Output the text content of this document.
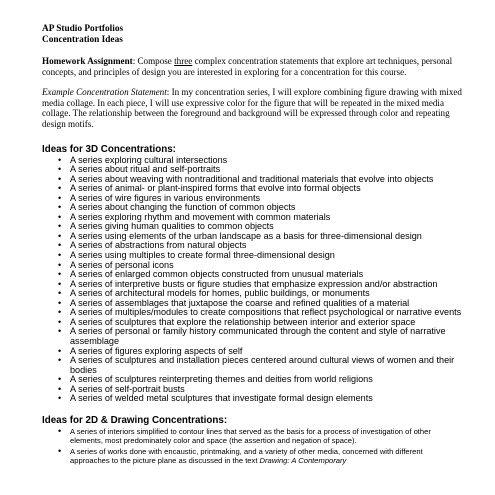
AP Studio Portfolios
Concentration Ideas
Homework Assignment: Compose three complex concentration statements that explore art techniques, personal concepts, and principles of design you are interested in exploring for a concentration for this course.
Example Concentration Statement: In my concentration series, I will explore combining figure drawing with mixed media collage. In each piece, I will use expressive color for the figure that will be repeated in the mixed media collage. The relationship between the foreground and background will be expressed through color and repeating design motifs.
Ideas for 3D Concentrations:
• A series exploring cultural intersections
• A series about ritual and self-portraits
• A series about weaving with nontraditional and traditional materials that evolve into objects
• A series of animal- or plant-inspired forms that evolve into formal objects
• A series of wire figures in various environments
• A series about changing the function of common objects
• A series exploring rhythm and movement with common materials
• A series giving human qualities to common objects
• A series using elements of the urban landscape as a basis for three-dimensional design
• A series of abstractions from natural objects
• A series using multiples to create formal three-dimensional design
• A series of personal icons
• A series of enlarged common objects constructed from unusual materials
• A series of interpretive busts or figure studies that emphasize expression and/or abstraction
• A series of architectural models for homes, public buildings, or monuments
• A series of assemblages that juxtapose the coarse and refined qualities of a material
• A series of multiples/modules to create compositions that reflect psychological or narrative events
• A series of sculptures that explore the relationship between interior and exterior space
• A series of personal or family history communicated through the content and style of narrative assemblage
• A series of figures exploring aspects of self
• A series of sculptures and installation pieces centered around cultural views of women and their bodies
• A series of sculptures reinterpreting themes and deities from world religions
• A series of self-portrait busts
• A series of welded metal sculptures that investigate formal design elements
Ideas for 2D & Drawing Concentrations:
• A series of interiors simplified to contour lines that served as the basis for a process of investigation of other elements, most predominately color and space (the assertion and negation of space).
• A series of works done with encaustic, printmaking, and a variety of other media, concerned with different approaches to the picture plane as discussed in the text Drawing: A Contemporary
